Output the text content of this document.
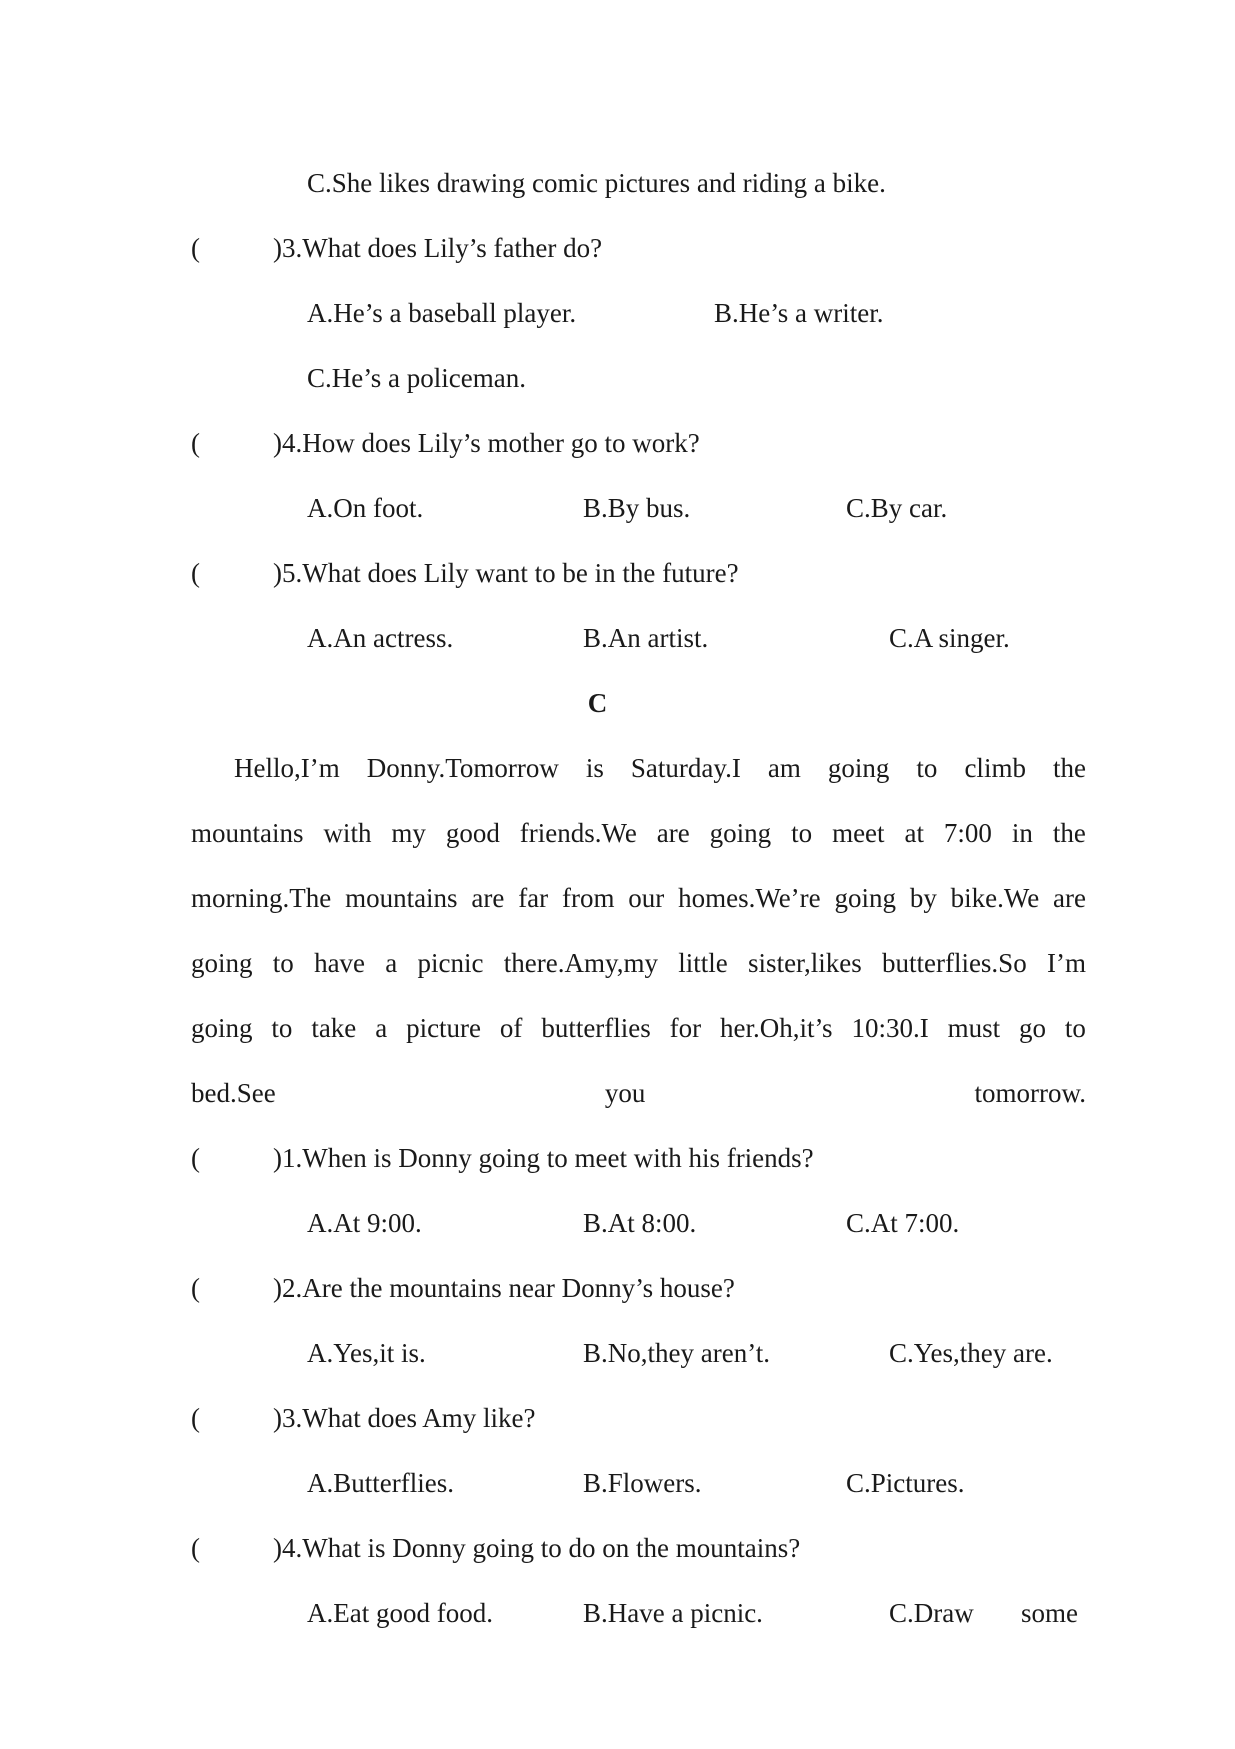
C.She likes drawing comic pictures and riding a bike.
(	)3.What does Lily’s father do?
A.He’s a baseball player.	B.He’s a writer.
C.He’s a policeman.
(	)4.How does Lily’s mother go to work?
A.On foot.	B.By bus.	C.By car.
(	)5.What does Lily want to be in the future?
A.An actress.	B.An artist.	C.A singer.
C
Hello,I’m Donny.Tomorrow is Saturday.I am going to climb the
mountains with my good friends.We are going to meet at 7:00 in the
morning.The mountains are far from our homes.We’re going by bike.We are
going to have a picnic there.Amy,my little sister,likes butterflies.So I’m
going to take a picture of butterflies for her.Oh,it’s 10:30.I must go to
bed.See you tomorrow.
(	)1.When is Donny going to meet with his friends?
A.At 9:00.	B.At 8:00.	C.At 7:00.
(	)2.Are the mountains near Donny’s house?
A.Yes,it is.	B.No,they aren’t.	C.Yes,they are.
(	)3.What does Amy like?
A.Butterflies.	B.Flowers.	C.Pictures.
(	)4.What is Donny going to do on the mountains?
A.Eat good food.	B.Have a picnic.	C.Draw some
